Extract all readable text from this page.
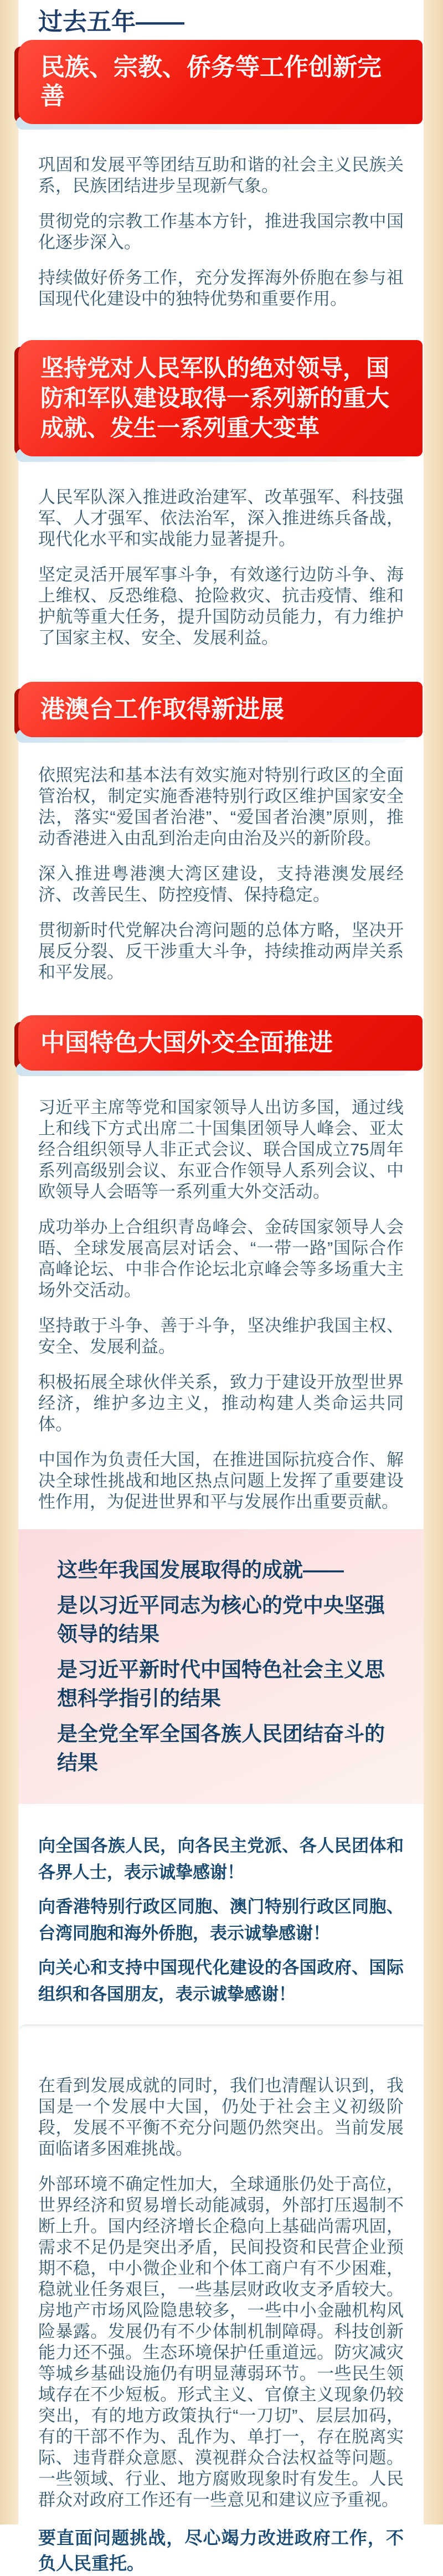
过去五年——
民族、宗教、侨务等工作创新完善

巩固和发展平等团结互助和谐的社会主义民族关系，民族团结进步呈现新气象。

贯彻党的宗教工作基本方针，推进我国宗教中国化逐步深入。

持续做好侨务工作，充分发挥海外侨胞在参与祖国现代化建设中的独特优势和重要作用。

坚持党对人民军队的绝对领导，国防和军队建设取得一系列新的重大成就、发生一系列重大变革

人民军队深入推进政治建军、改革强军、科技强军、人才强军、依法治军，深入推进练兵备战，现代化水平和实战能力显著提升。

坚定灵活开展军事斗争，有效遂行边防斗争、海上维权、反恐维稳、抢险救灾、抗击疫情、维和护航等重大任务，提升国防动员能力，有力维护了国家主权、安全、发展利益。

港澳台工作取得新进展

依照宪法和基本法有效实施对特别行政区的全面管治权，制定实施香港特别行政区维护国家安全法，落实“爱国者治港”、“爱国者治澳”原则，推动香港进入由乱到治走向由治及兴的新阶段。

深入推进粤港澳大湾区建设，支持港澳发展经济、改善民生、防控疫情、保持稳定。

贯彻新时代党解决台湾问题的总体方略，坚决开展反分裂、反干涉重大斗争，持续推动两岸关系和平发展。

中国特色大国外交全面推进

习近平主席等党和国家领导人出访多国，通过线上和线下方式出席二十国集团领导人峰会、亚太经合组织领导人非正式会议、联合国成立75周年系列高级别会议、东亚合作领导人系列会议、中欧领导人会晤等一系列重大外交活动。

成功举办上合组织青岛峰会、金砖国家领导人会晤、全球发展高层对话会、“一带一路”国际合作高峰论坛、中非合作论坛北京峰会等多场重大主场外交活动。

坚持敢于斗争、善于斗争，坚决维护我国主权、安全、发展利益。

积极拓展全球伙伴关系，致力于建设开放型世界经济，维护多边主义，推动构建人类命运共同体。

中国作为负责任大国，在推进国际抗疫合作、解决全球性挑战和地区热点问题上发挥了重要建设性作用，为促进世界和平与发展作出重要贡献。

这些年我国发展取得的成就——

是以习近平同志为核心的党中央坚强领导的结果

是习近平新时代中国特色社会主义思想科学指引的结果

是全党全军全国各族人民团结奋斗的结果

向全国各族人民，向各民主党派、各人民团体和各界人士，表示诚挚感谢！

向香港特别行政区同胞、澳门特别行政区同胞、台湾同胞和海外侨胞，表示诚挚感谢！

向关心和支持中国现代化建设的各国政府、国际组织和各国朋友，表示诚挚感谢！

在看到发展成就的同时，我们也清醒认识到，我国是一个发展中大国，仍处于社会主义初级阶段，发展不平衡不充分问题仍然突出。当前发展面临诸多困难挑战。

外部环境不确定性加大，全球通胀仍处于高位，世界经济和贸易增长动能减弱，外部打压遏制不断上升。国内经济增长企稳向上基础尚需巩固，需求不足仍是突出矛盾，民间投资和民营企业预期不稳，中小微企业和个体工商户有不少困难，稳就业任务艰巨，一些基层财政收支矛盾较大。房地产市场风险隐患较多，一些中小金融机构风险暴露。发展仍有不少体制机制障碍。科技创新能力还不强。生态环境保护任重道远。防灾减灾等城乡基础设施仍有明显薄弱环节。一些民生领域存在不少短板。形式主义、官僚主义现象仍较突出，有的地方政策执行“一刀切”、层层加码，有的干部不作为、乱作为、单打一，存在脱离实际、违背群众意愿、漠视群众合法权益等问题。一些领域、行业、地方腐败现象时有发生。人民群众对政府工作还有一些意见和建议应予重视。

要直面问题挑战，尽心竭力改进政府工作，不负人民重托。
